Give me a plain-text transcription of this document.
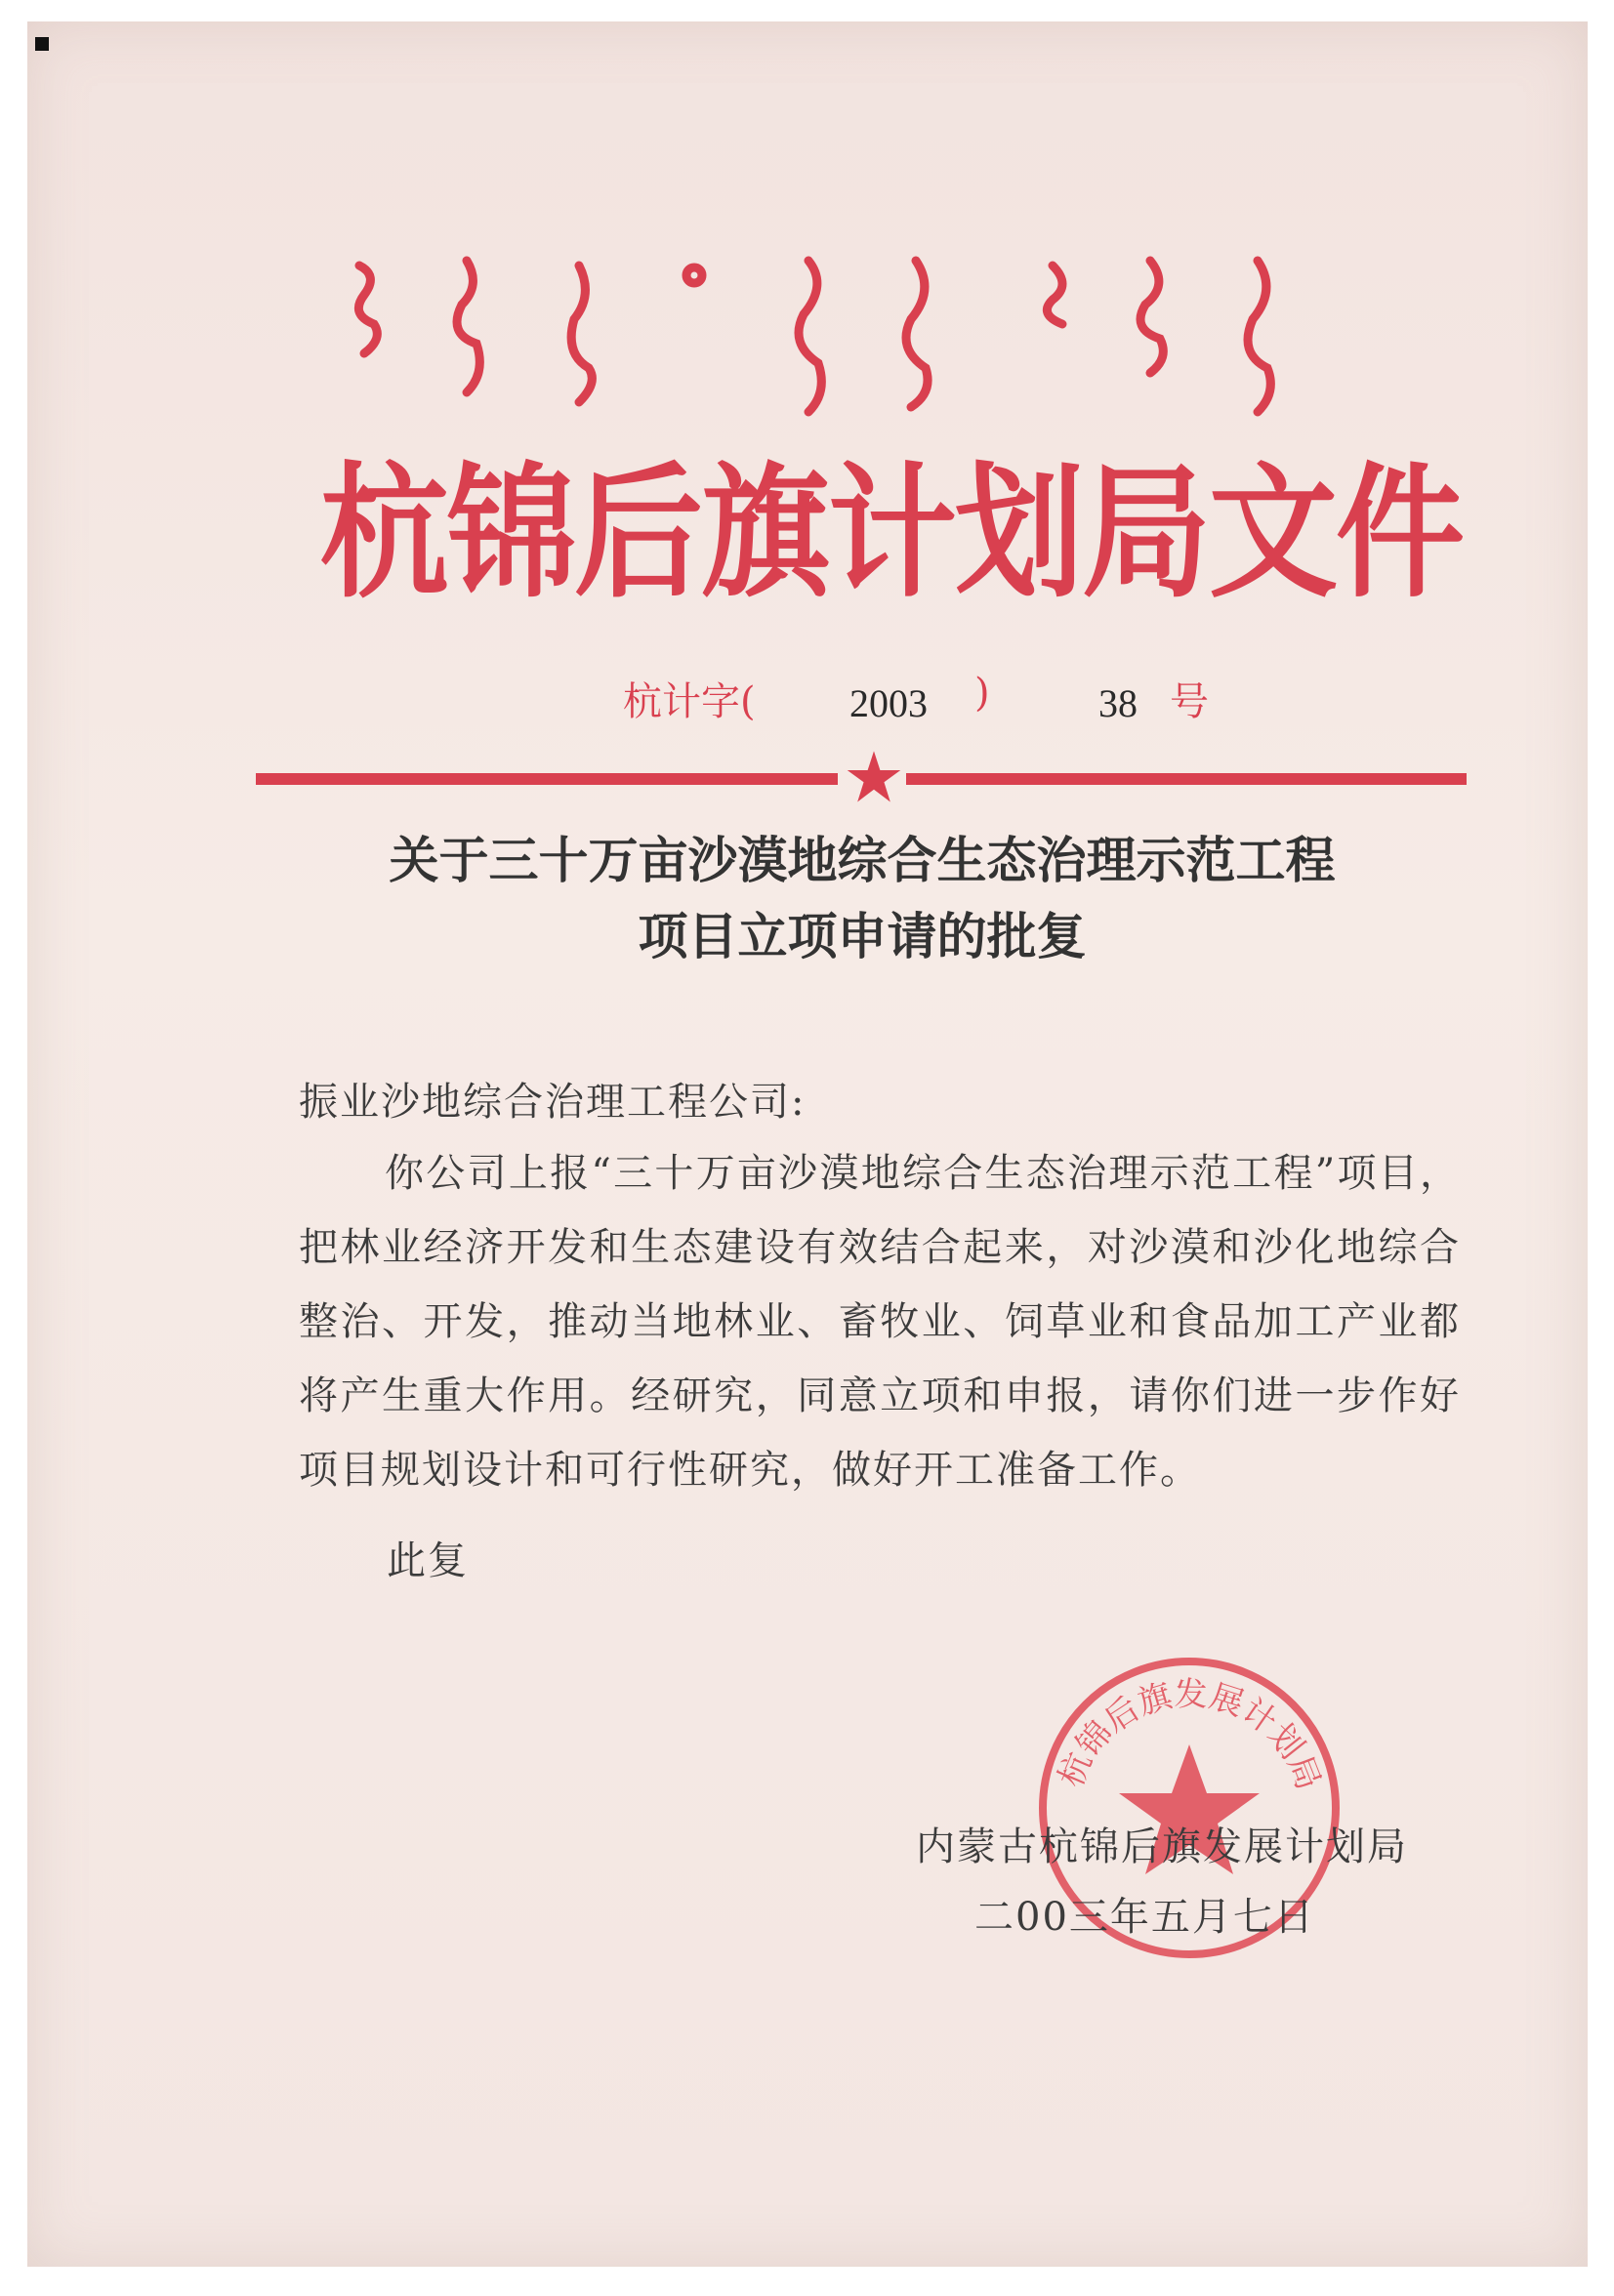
杭锦后旗计划局文件
杭计字( 2003 )	38 号
关于三十万亩沙漠地综合生态治理示范工程
项目立项申请的批复
振业沙地综合治理工程公司:
你公司上报“三十万亩沙漠地综合生态治理示范工程”项目，把林业经济开发和生态建设有效结合起来，对沙漠和沙化地综合整治、开发，推动当地林业、畜牧业、饲草业和食品加工产业都将产生重大作用。经研究，同意立项和申报，请你们进一步作好项目规划设计和可行性研究，做好开工准备工作。
此复
杭锦后旗发展计划局
内蒙古杭锦后旗发展计划局
二00三年五月七日
